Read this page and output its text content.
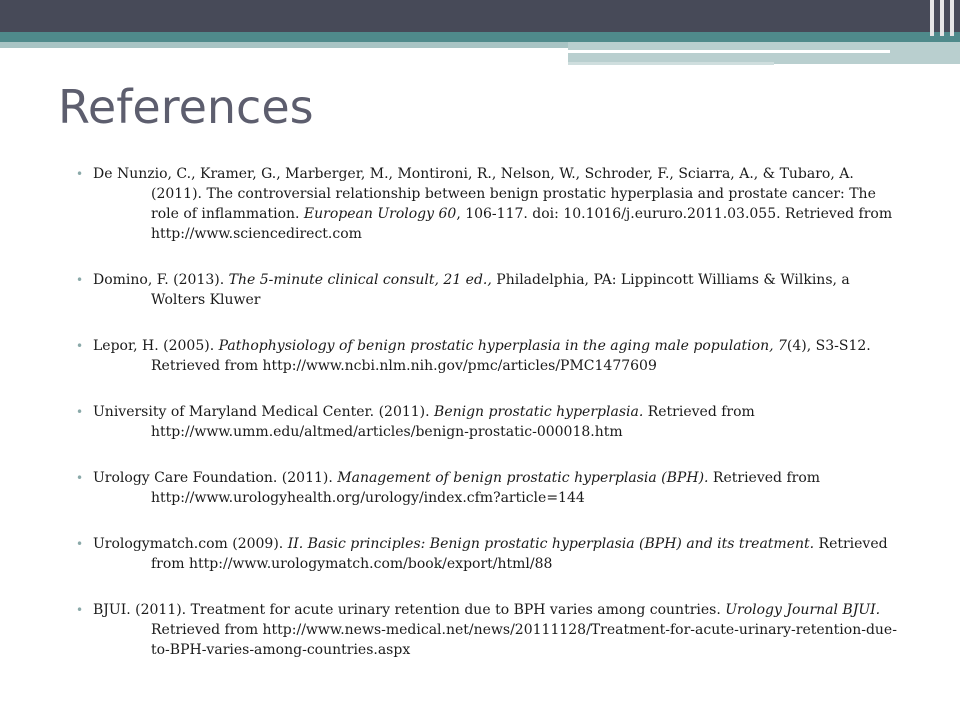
References
• De Nunzio, C., Kramer, G., Marberger, M., Montironi, R., Nelson, W., Schroder, F., Sciarra, A., & Tubaro, A. (2011). The controversial relationship between benign prostatic hyperplasia and prostate cancer: The role of inflammation. European Urology 60, 106-117. doi: 10.1016/j.eururo.2011.03.055. Retrieved from http://www.sciencedirect.com
• Domino, F. (2013). The 5-minute clinical consult, 21 ed., Philadelphia, PA: Lippincott Williams & Wilkins, a Wolters Kluwer
• Lepor, H. (2005). Pathophysiology of benign prostatic hyperplasia in the aging male population, 7(4), S3-S12. Retrieved from http://www.ncbi.nlm.nih.gov/pmc/articles/PMC1477609
• University of Maryland Medical Center. (2011). Benign prostatic hyperplasia. Retrieved from http://www.umm.edu/altmed/articles/benign-prostatic-000018.htm
• Urology Care Foundation. (2011). Management of benign prostatic hyperplasia (BPH). Retrieved from http://www.urologyhealth.org/urology/index.cfm?article=144
• Urologymatch.com (2009). II. Basic principles: Benign prostatic hyperplasia (BPH) and its treatment. Retrieved from http://www.urologymatch.com/book/export/html/88
• BJUI. (2011). Treatment for acute urinary retention due to BPH varies among countries. Urology Journal BJUI. Retrieved from http://www.news-medical.net/news/20111128/Treatment-for-acute-urinary-retention-due-to-BPH-varies-among-countries.aspx
